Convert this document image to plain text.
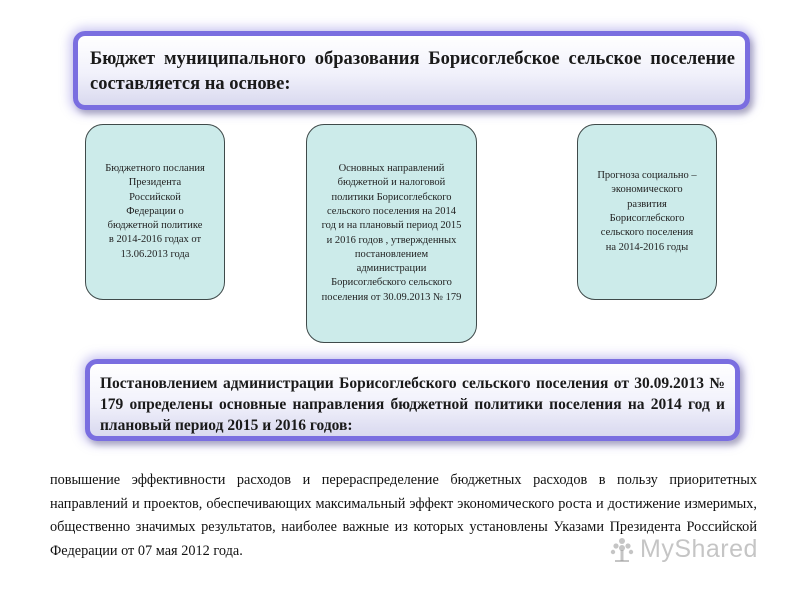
Бюджет муниципального образования Борисоглебское сельское поселение составляется на основе:
Бюджетного послания Президента Российской Федерации о бюджетной политике в 2014-2016 годах от 13.06.2013 года
Основных направлений бюджетной и налоговой политики Борисоглебского сельского поселения на 2014 год и на плановый период 2015 и 2016 годов , утвержденных постановлением администрации Борисоглебского сельского поселения от 30.09.2013 № 179
Прогноза социально – экономического развития Борисоглебского сельского поселения на 2014-2016 годы
Постановлением администрации Борисоглебского сельского поселения от 30.09.2013 № 179 определены основные направления бюджетной политики поселения на 2014 год и плановый период 2015 и 2016 годов:
повышение эффективности расходов и перераспределение бюджетных расходов в пользу приоритетных направлений и проектов, обеспечивающих максимальный эффект экономического роста и достижение измеримых, общественно значимых результатов, наиболее важные из которых установлены Указами Президента Российской Федерации от 07 мая 2012 года.	MyShared
